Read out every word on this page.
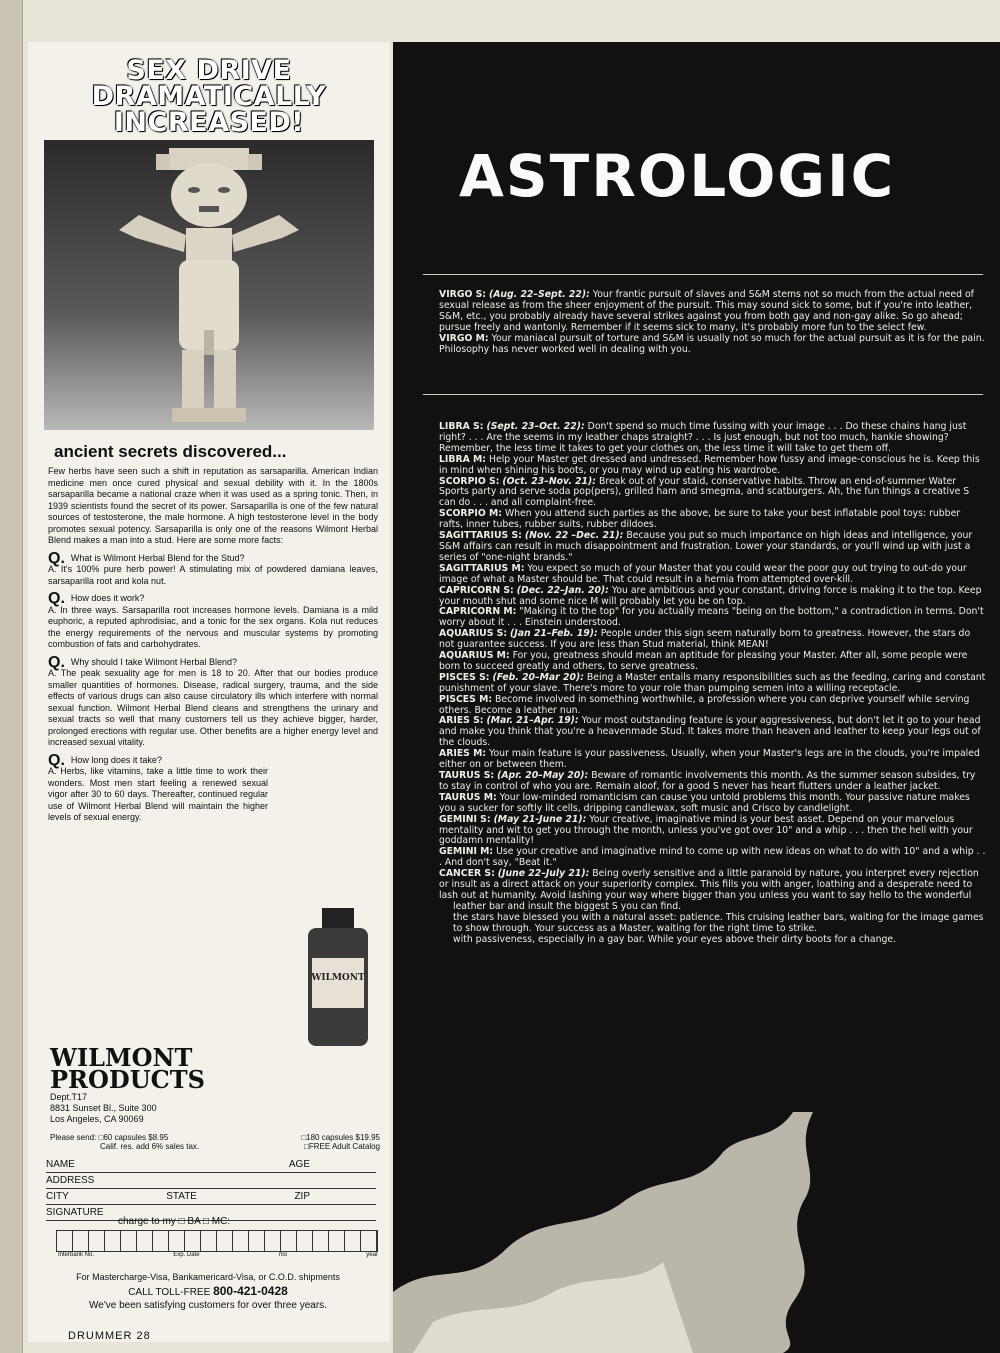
SEX DRIVE
DRAMATICALLY
INCREASED!
ancient secrets discovered...
Few herbs have seen such a shift in reputation as sarsaparilla. American Indian medicine men once cured physical and sexual debility with it. In the 1800s sarsaparilla became a national craze when it was used as a spring tonic. Then, in 1939 scientists found the secret of its power. Sarsaparilla is one of the few natural sources of testosterone, the male hormone. A high testosterone level in the body promotes sexual potency. Sarsaparilla is only one of the reasons Wilmont Herbal Blend makes a man into a stud. Here are some more facts:
Q. What is Wilmont Herbal Blend for the Stud?
A. It's 100% pure herb power! A stimulating mix of powdered damiana leaves, sarsaparilla root and kola nut.
Q. How does it work?
A. In three ways. Sarsaparilla root increases hormone levels. Damiana is a mild euphoric, a reputed aphrodisiac, and a tonic for the sex organs. Kola nut reduces the energy requirements of the nervous and muscular systems by promoting combustion of fats and carbohydrates.
Q. Why should I take Wilmont Herbal Blend?
A. The peak sexuality age for men is 18 to 20. After that our bodies produce smaller quantities of hormones. Disease, radical surgery, trauma, and the side effects of various drugs can also cause circulatory ills which interfere with normal sexual function. Wilmont Herbal Blend cleans and strengthens the urinary and sexual tracts so well that many customers tell us they achieve bigger, harder, prolonged erections with regular use. Other benefits are a higher energy level and increased sexual vitality.
Q. How long does it take?
A. Herbs, like vitamins, take a little time to work their wonders. Most men start feeling a renewed sexual vigor after 30 to 60 days. Thereafter, continued regular use of Wilmont Herbal Blend will maintain the higher levels of sexual energy.
WILMONT
WILMONT
PRODUCTS
Dept.T17
8831 Sunset Bl., Suite 300
Los Angeles, CA 90069
Please send: □60 capsules $8.95	□180 capsules $19.95
Calif. res. add 6% sales tax.	□FREE Adult Catalog
NAME	AGE
ADDRESS
CITY	STATE	ZIP
SIGNATURE
charge to my □ BA □ MC:
Interbank No.	Exp. Date	mo	year
For Mastercharge-Visa, Bankamericard-Visa, or C.O.D. shipments
CALL TOLL-FREE 800-421-0428
We've been satisfying customers for over three years.
DRUMMER 28
ASTROLOGIC

VIRGO S: (Aug. 22–Sept. 22): Your frantic pursuit of slaves and S&M stems not so much from the actual need of sexual release as from the sheer enjoyment of the pursuit. This may sound sick to some, but if you're into leather, S&M, etc., you probably already have several strikes against you from both gay and non-gay alike. So go ahead; pursue freely and wantonly. Remember if it seems sick to many, it's probably more fun to the select few.

VIRGO M: Your maniacal pursuit of torture and S&M is usually not so much for the actual pursuit as it is for the pain. Philosophy has never worked well in dealing with you.

LIBRA S: (Sept. 23–Oct. 22): Don't spend so much time fussing with your image . . . Do these chains hang just right? . . . Are the seems in my leather chaps straight? . . . Is just enough, but not too much, hankie showing? Remember, the less time it takes to get your clothes on, the less time it will take to get them off.

LIBRA M: Help your Master get dressed and undressed. Remember how fussy and image-conscious he is. Keep this in mind when shining his boots, or you may wind up eating his wardrobe.

SCORPIO S: (Oct. 23–Nov. 21): Break out of your staid, conservative habits. Throw an end-of-summer Water Sports party and serve soda pop(pers), grilled ham and smegma, and scatburgers. Ah, the fun things a creative S can do . . . and all complaint-free.

SCORPIO M: When you attend such parties as the above, be sure to take your best inflatable pool toys: rubber rafts, inner tubes, rubber suits, rubber dildoes.

SAGITTARIUS S: (Nov. 22 –Dec. 21): Because you put so much importance on high ideas and intelligence, your S&M affairs can result in much disappointment and frustration. Lower your standards, or you'll wind up with just a series of "one-night brands."

SAGITTARIUS M: You expect so much of your Master that you could wear the poor guy out trying to out-do your image of what a Master should be. That could result in a hernia from attempted over-kill.

CAPRICORN S: (Dec. 22–Jan. 20): You are ambitious and your constant, driving force is making it to the top. Keep your mouth shut and some nice M will probably let you be on top.

CAPRICORN M: "Making it to the top" for you actually means "being on the bottom," a contradiction in terms. Don't worry about it . . . Einstein understood.

AQUARIUS S: (Jan 21–Feb. 19): People under this sign seem naturally born to greatness. However, the stars do not guarantee success. If you are less than Stud material, think MEAN!

AQUARIUS M: For you, greatness should mean an aptitude for pleasing your Master. After all, some people were born to succeed greatly and others, to serve greatness.

PISCES S: (Feb. 20–Mar 20): Being a Master entails many responsibilities such as the feeding, caring and constant punishment of your slave. There's more to your role than pumping semen into a willing receptacle.

PISCES M: Become involved in something worthwhile, a profession where you can deprive yourself while serving others. Become a leather nun.

ARIES S: (Mar. 21–Apr. 19): Your most outstanding feature is your aggressiveness, but don't let it go to your head and make you think that you're a heavenmade Stud. It takes more than heaven and leather to keep your legs out of the clouds.

ARIES M: Your main feature is your passiveness. Usually, when your Master's legs are in the clouds, you're impaled either on or between them.

TAURUS S: (Apr. 20–May 20): Beware of romantic involvements this month. As the summer season subsides, try to stay in control of who you are. Remain aloof, for a good S never has heart flutters under a leather jacket.

TAURUS M: Your low-minded romanticism can cause you untold problems this month. Your passive nature makes you a sucker for softly lit cells, dripping candlewax, soft music and Crisco by candlelight.

GEMINI S: (May 21-June 21): Your creative, imaginative mind is your best asset. Depend on your marvelous mentality and wit to get you through the month, unless you've got over 10" and a whip . . . then the hell with your goddamn mentality!

GEMINI M: Use your creative and imaginative mind to come up with new ideas on what to do with 10" and a whip . . . And don't say, "Beat it."

CANCER S: (June 22–July 21): Being overly sensitive and a little paranoid by nature, you interpret every rejection or insult as a direct attack on your superiority complex. This fills you with anger, loathing and a desperate need to lash out at humanity. Avoid lashing your way where bigger than you unless you want to say hello to the wonderful

leather bar and insult the biggest S you can find.

the stars have blessed you with a natural asset: patience. This cruising leather bars, waiting for the image games to show through. Your success as a Master, waiting for the right time to strike.

with passiveness, especially in a gay bar. While your eyes above their dirty boots for a change.
